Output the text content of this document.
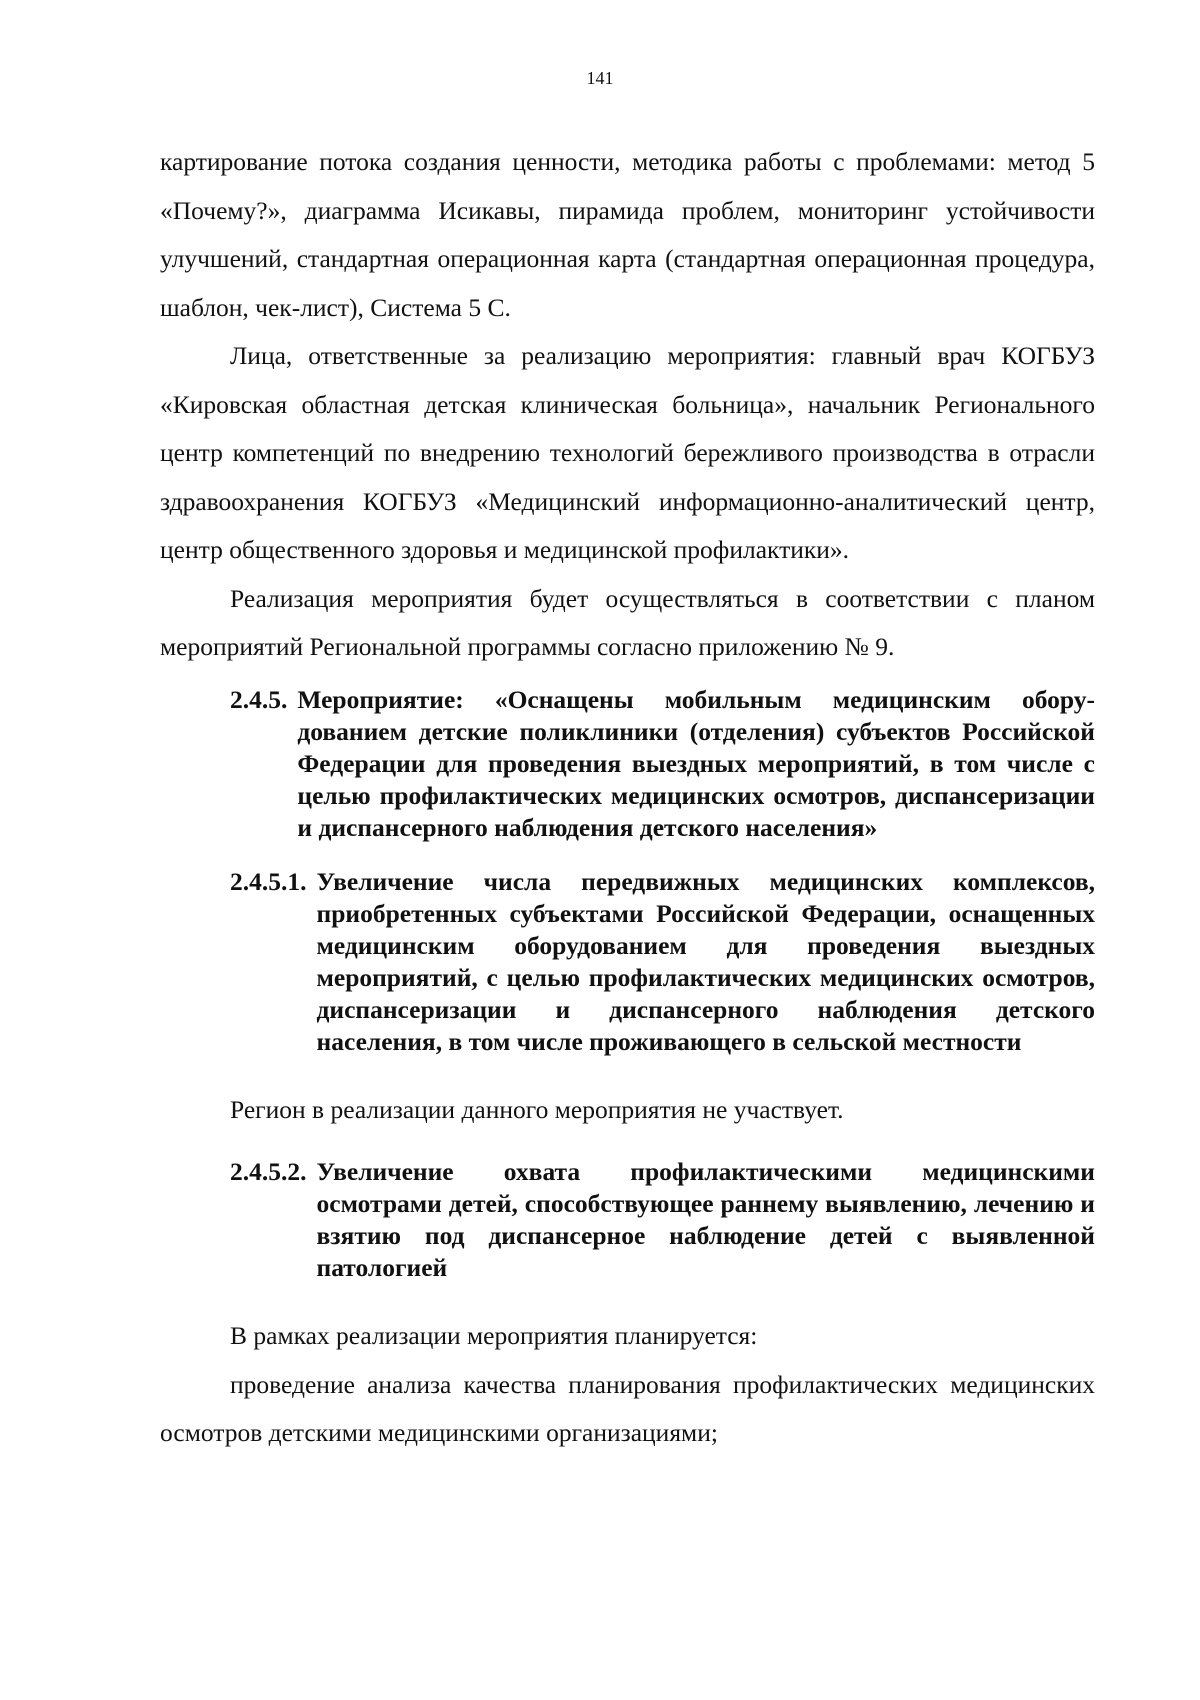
141

картирование потока создания ценности, методика работы с проблемами: метод 5 «Почему?», диаграмма Исикавы, пирамида проблем, мониторинг устойчивости улучшений, стандартная операционная карта (стандартная операционная процедура, шаблон, чек-лист), Система 5 С.

Лица, ответственные за реализацию мероприятия: главный врач КОГБУЗ «Кировская областная детская клиническая больница», начальник Регионального центр компетенций по внедрению технологий бережливого производства в отрасли здравоохранения КОГБУЗ «Медицинский информационно-аналитический центр, центр общественного здоровья и медицинской профилактики».

Реализация мероприятия будет осуществляться в соответствии с планом мероприятий Региональной программы согласно приложению № 9.

2.4.5. Мероприятие: «Оснащены мобильным медицинским обору-дованием детские поликлиники (отделения) субъектов Российской Федерации для проведения выездных мероприятий, в том числе с целью профилактических медицинских осмотров, диспансеризации и диспансерного наблюдения детского населения»
2.4.5.1. Увеличение числа передвижных медицинских комплексов, приобретенных субъектами Российской Федерации, оснащенных медицинским оборудованием для проведения выездных мероприятий, с целью профилактических медицинских осмотров, диспансеризации и диспансерного наблюдения детского населения, в том числе проживающего в сельской местности

Регион в реализации данного мероприятия не участвует.

2.4.5.2. Увеличение охвата профилактическими медицинскими осмотрами детей, способствующее раннему выявлению, лечению и взятию под диспансерное наблюдение детей с выявленной патологией

В рамках реализации мероприятия планируется:

проведение анализа качества планирования профилактических медицинских осмотров детскими медицинскими организациями;
